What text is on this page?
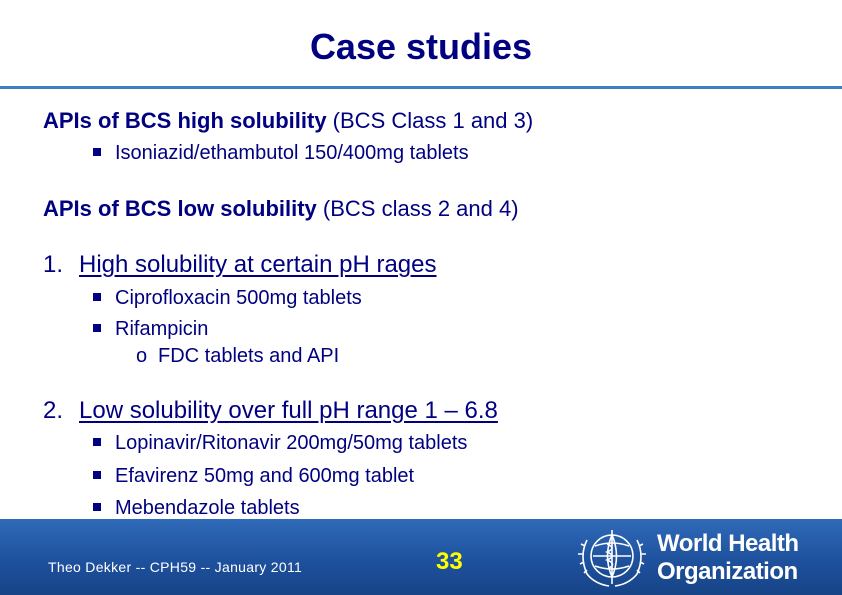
Case studies
APIs of BCS high solubility (BCS Class 1 and 3)
Isoniazid/ethambutol 150/400mg tablets
APIs of BCS low solubility (BCS class 2 and 4)
1. High solubility at certain pH rages
Ciprofloxacin 500mg tablets
Rifampicin
o FDC tablets and API
2. Low solubility over full pH range 1 – 6.8
Lopinavir/Ritonavir 200mg/50mg tablets
Efavirenz 50mg and 600mg tablet
Mebendazole tablets
Theo Dekker -- CPH59 -- January 2011	33
World Health
Organization
